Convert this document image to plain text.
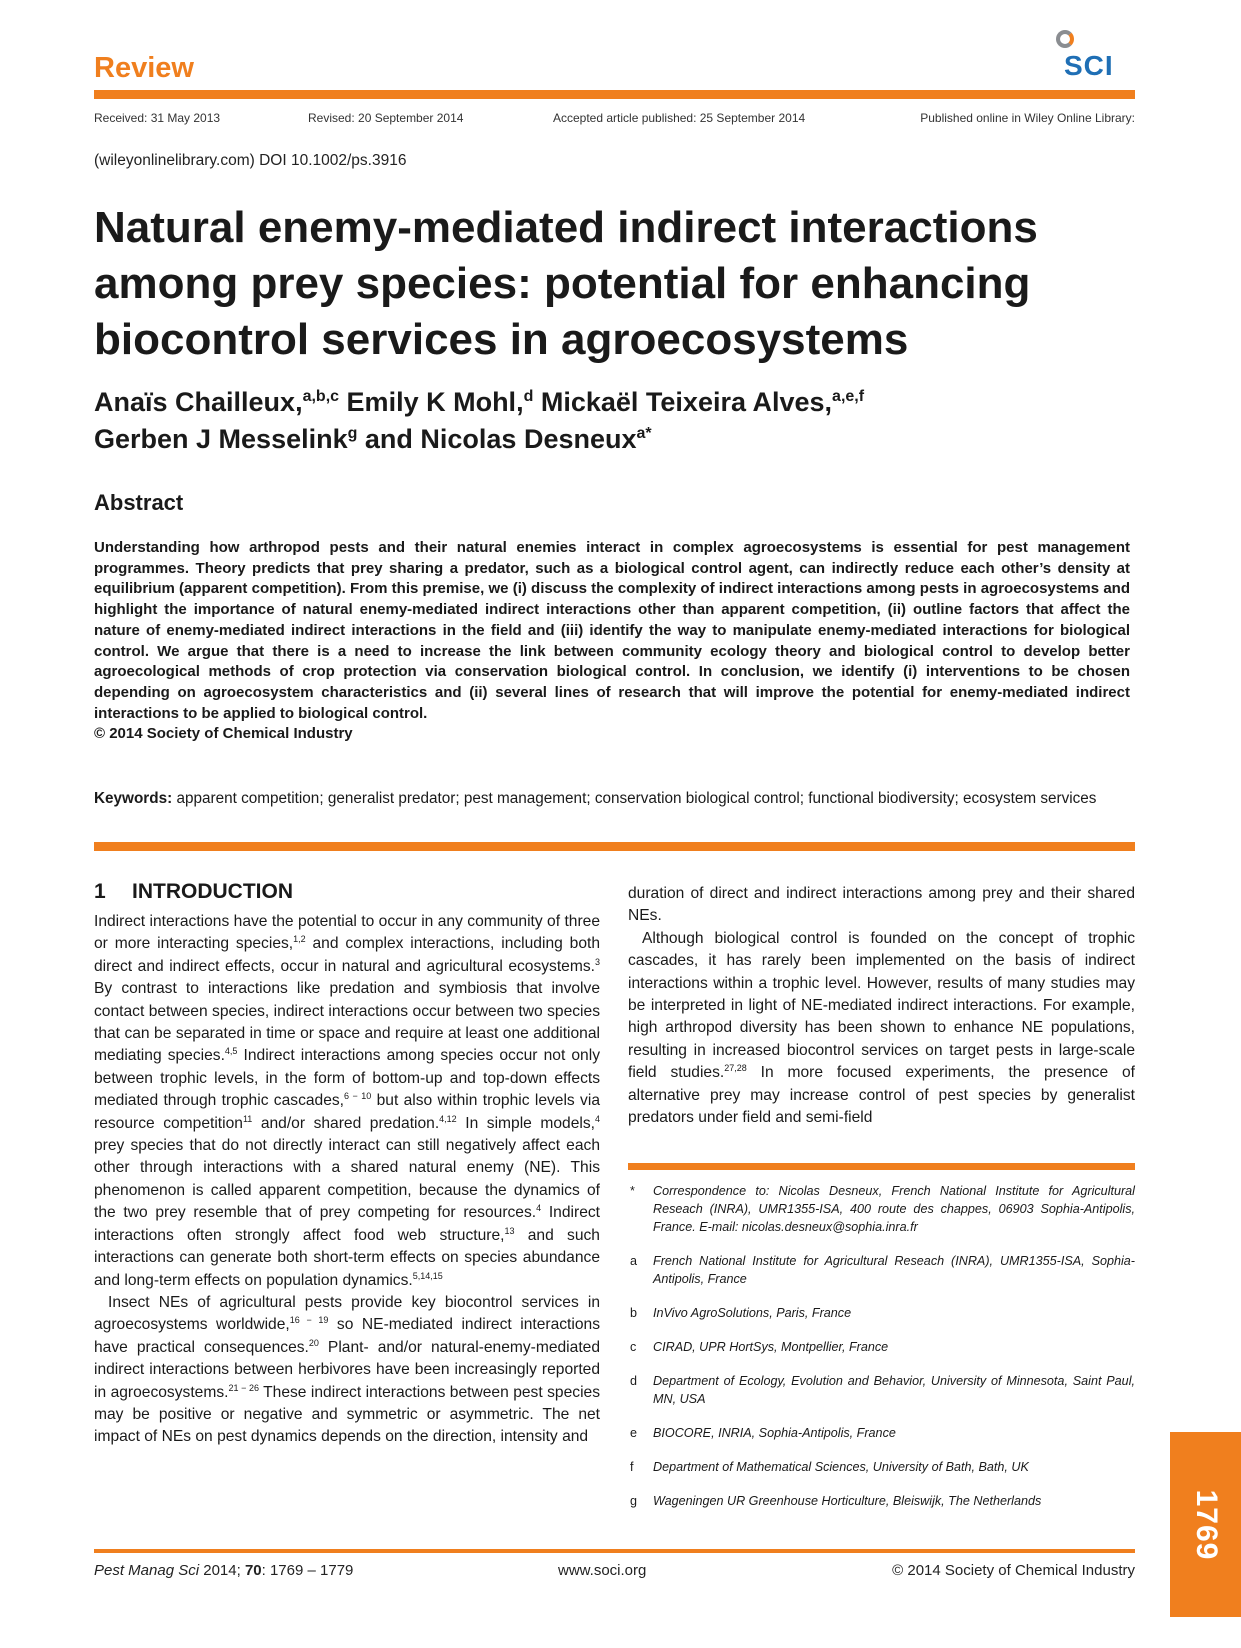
Review	SCI
Received: 31 May 2013	Revised: 20 September 2014	Accepted article published: 25 September 2014	Published online in Wiley Online Library:
(wileyonlinelibrary.com) DOI 10.1002/ps.3916
Natural enemy-mediated indirect interactions among prey species: potential for enhancing biocontrol services in agroecosystems
Anaïs Chailleux,$^{a,b,c}$ Emily K Mohl,$^d$ Mickaël Teixeira Alves,$^{a,e,f}$
Gerben J Messelink$^g$ and Nicolas Desneux$^{a*}$
Abstract
Understanding how arthropod pests and their natural enemies interact in complex agroecosystems is essential for pest management programmes. Theory predicts that prey sharing a predator, such as a biological control agent, can indirectly reduce each other’s density at equilibrium (apparent competition). From this premise, we (i) discuss the complexity of indirect interactions among pests in agroecosystems and highlight the importance of natural enemy-mediated indirect interactions other than apparent competition, (ii) outline factors that affect the nature of enemy-mediated indirect interactions in the field and (iii) identify the way to manipulate enemy-mediated interactions for biological control. We argue that there is a need to increase the link between community ecology theory and biological control to develop better agroecological methods of crop protection via conservation biological control. In conclusion, we identify (i) interventions to be chosen depending on agroecosystem characteristics and (ii) several lines of research that will improve the potential for enemy-mediated indirect interactions to be applied to biological control.
© 2014 Society of Chemical Industry
Keywords: apparent competition; generalist predator; pest management; conservation biological control; functional biodiversity; ecosystem services
1 INTRODUCTION

Indirect interactions have the potential to occur in any community of three or more interacting species,$^{1,2}$ and complex interactions, including both direct and indirect effects, occur in natural and agricultural ecosystems.$^3$ By contrast to interactions like predation and symbiosis that involve contact between species, indirect interactions occur between two species that can be separated in time or space and require at least one additional mediating species.$^{4,5}$ Indirect interactions among species occur not only between trophic levels, in the form of bottom-up and top-down effects mediated through trophic cascades,$^{6 - 10}$ but also within trophic levels via resource competition$^{11}$ and/or shared predation.$^{4,12}$ In simple models,$^4$ prey species that do not directly interact can still negatively affect each other through interactions with a shared natural enemy (NE). This phenomenon is called apparent competition, because the dynamics of the two prey resemble that of prey competing for resources.$^4$ Indirect interactions often strongly affect food web structure,$^{13}$ and such interactions can generate both short-term effects on species abundance and long-term effects on population dynamics.$^{5,14,15}$

Insect NEs of agricultural pests provide key biocontrol services in agroecosystems worldwide,$^{16 - 19}$ so NE-mediated indirect interactions have practical consequences.$^{20}$ Plant- and/or natural-enemy-mediated indirect interactions between herbivores have been increasingly reported in agroecosystems.$^{21 - 26}$ These indirect interactions between pest species may be positive or negative and symmetric or asymmetric. The net impact of NEs on pest dynamics depends on the direction, intensity and

duration of direct and indirect interactions among prey and their shared NEs.

Although biological control is founded on the concept of trophic cascades, it has rarely been implemented on the basis of indirect interactions within a trophic level. However, results of many studies may be interpreted in light of NE-mediated indirect interactions. For example, high arthropod diversity has been shown to enhance NE populations, resulting in increased biocontrol services on target pests in large-scale field studies.$^{27,28}$ In more focused experiments, the presence of alternative prey may increase control of pest species by generalist predators under field and semi-field

* Correspondence to: Nicolas Desneux, French National Institute for Agricultural Reseach (INRA), UMR1355-ISA, 400 route des chappes, 06903 Sophia-Antipolis, France. E-mail: nicolas.desneux@sophia.inra.fr
a French National Institute for Agricultural Reseach (INRA), UMR1355-ISA, Sophia-Antipolis, France
b InVivo AgroSolutions, Paris, France
c CIRAD, UPR HortSys, Montpellier, France
d Department of Ecology, Evolution and Behavior, University of Minnesota, Saint Paul, MN, USA
e BIOCORE, INRIA, Sophia-Antipolis, France
f Department of Mathematical Sciences, University of Bath, Bath, UK
g Wageningen UR Greenhouse Horticulture, Bleiswijk, The Netherlands	1769
Pest Manag Sci 2014; 70: 1769 – 1779	www.soci.org	© 2014 Society of Chemical Industry
